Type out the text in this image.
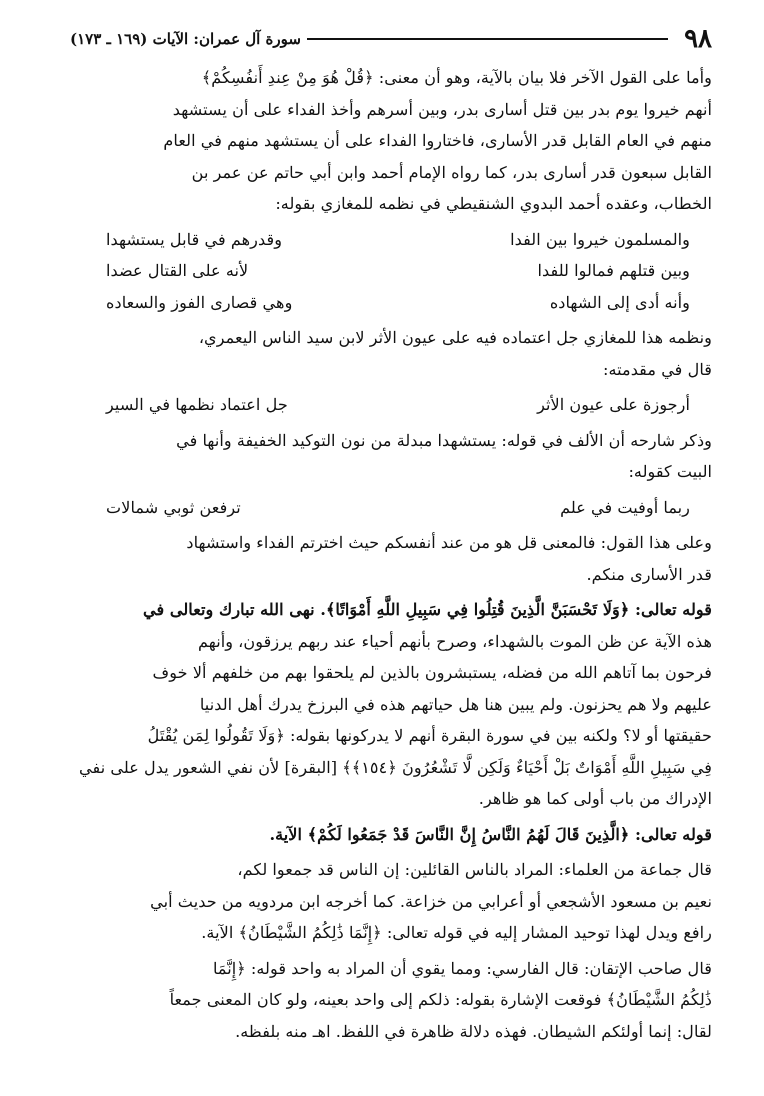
٩٨
سورة آل عمران: الآيات (١٦٩ ـ ١٧٣)

وأما على القول الآخر فلا بيان بالآية، وهو أن معنى: ﴿قُلْ هُوَ مِنْ عِندِ أَنفُسِكُمْ﴾
أنهم خيروا يوم بدر بين قتل أسارى بدر، وبين أسرهم وأخذ الفداء على أن يستشهد
منهم في العام القابل قدر الأسارى، فاختاروا الفداء على أن يستشهد منهم في العام
القابل سبعون قدر أسارى بدر، كما رواه الإمام أحمد وابن أبي حاتم عن عمر بن
الخطاب، وعقده أحمد البدوي الشنقيطي في نظمه للمغازي بقوله:

والمسلمون خيروا بين الفدا
وقدرهم في قابل يستشهدا
وبين قتلهم فمالوا للفدا
لأنه على القتال عضدا
وأنه أدى إلى الشهاده
وهي قصارى الفوز والسعاده

ونظمه هذا للمغازي جل اعتماده فيه على عيون الأثر لابن سيد الناس اليعمري،
قال في مقدمته:

أرجوزة على عيون الأثر
جل اعتماد نظمها في السير

وذكر شارحه أن الألف في قوله: يستشهدا مبدلة من نون التوكيد الخفيفة وأنها في
البيت كقوله:

ربما أوفيت في علم
ترفعن ثوبي شمالات

وعلى هذا القول: فالمعنى قل هو من عند أنفسكم حيث اخترتم الفداء واستشهاد
قدر الأسارى منكم.

قوله تعالى: ﴿وَلَا تَحْسَبَنَّ الَّذِينَ قُتِلُوا فِي سَبِيلِ اللَّهِ أَمْوَاتًا﴾. نهى الله تبارك وتعالى في
هذه الآية عن ظن الموت بالشهداء، وصرح بأنهم أحياء عند ربهم يرزقون، وأنهم
فرحون بما آتاهم الله من فضله، يستبشرون بالذين لم يلحقوا بهم من خلفهم ألا خوف
عليهم ولا هم يحزنون. ولم يبين هنا هل حياتهم هذه في البرزخ يدرك أهل الدنيا
حقيقتها أو لا؟ ولكنه بين في سورة البقرة أنهم لا يدركونها بقوله: ﴿وَلَا تَقُولُوا لِمَن يُقْتَلُ
فِي سَبِيلِ اللَّهِ أَمْوَاتٌ بَلْ أَحْيَاءٌ وَلَكِن لَّا تَشْعُرُونَ ﴿١٥٤﴾﴾ [البقرة] لأن نفي الشعور يدل على نفي
الإدراك من باب أولى كما هو ظاهر.

قوله تعالى: ﴿الَّذِينَ قَالَ لَهُمُ النَّاسُ إِنَّ النَّاسَ قَدْ جَمَعُوا لَكُمْ﴾ الآية.

قال جماعة من العلماء: المراد بالناس القائلين: إن الناس قد جمعوا لكم،
نعيم بن مسعود الأشجعي أو أعرابي من خزاعة. كما أخرجه ابن مردويه من حديث أبي
رافع ويدل لهذا توحيد المشار إليه في قوله تعالى: ﴿إِنَّمَا ذَٰلِكُمُ الشَّيْطَانُ﴾ الآية.

قال صاحب الإتقان: قال الفارسي: ومما يقوي أن المراد به واحد قوله: ﴿إِنَّمَا
ذَٰلِكُمُ الشَّيْطَانُ﴾ فوقعت الإشارة بقوله: ذلكم إلى واحد بعينه، ولو كان المعنى جمعاً
لقال: إنما أولئكم الشيطان. فهذه دلالة ظاهرة في اللفظ. اهـ منه بلفظه.
